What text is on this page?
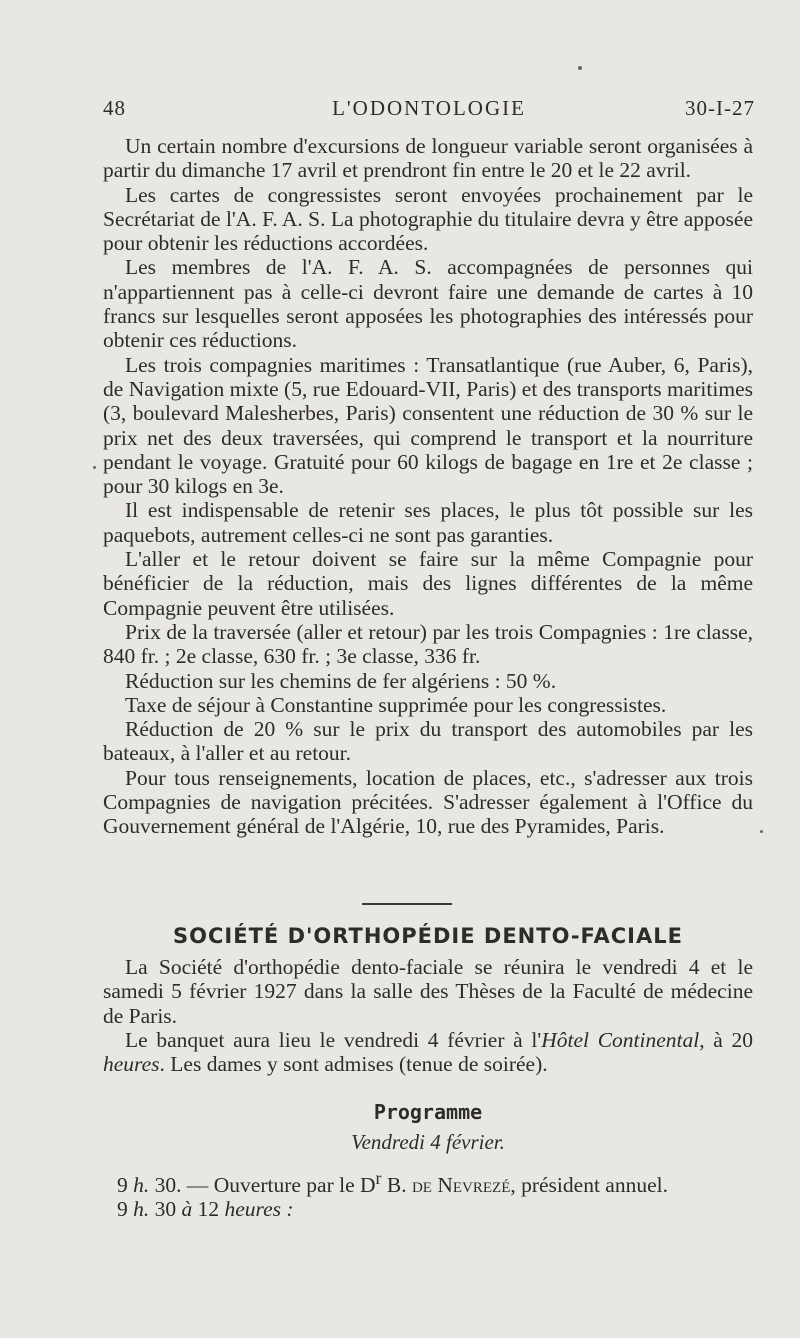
48	L'ODONTOLOGIE	30-I-27

Un certain nombre d'excursions de longueur variable seront organisées à partir du dimanche 17 avril et prendront fin entre le 20 et le 22 avril.

Les cartes de congressistes seront envoyées prochainement par le Secrétariat de l'A. F. A. S. La photographie du titulaire devra y être apposée pour obtenir les réductions accordées.

Les membres de l'A. F. A. S. accompagnées de personnes qui n'appartiennent pas à celle-ci devront faire une demande de cartes à 10 francs sur lesquelles seront apposées les photographies des intéressés pour obtenir ces réductions.

Les trois compagnies maritimes : Transatlantique (rue Auber, 6, Paris), de Navigation mixte (5, rue Edouard-VII, Paris) et des transports maritimes (3, boulevard Malesherbes, Paris) consentent une réduction de 30 % sur le prix net des deux traversées, qui comprend le transport et la nourriture pendant le voyage. Gratuité pour 60 kilogs de bagage en 1re et 2e classe ; pour 30 kilogs en 3e.

Il est indispensable de retenir ses places, le plus tôt possible sur les paquebots, autrement celles-ci ne sont pas garanties.

L'aller et le retour doivent se faire sur la même Compagnie pour bénéficier de la réduction, mais des lignes différentes de la même Compagnie peuvent être utilisées.

Prix de la traversée (aller et retour) par les trois Compagnies : 1re classe, 840 fr. ; 2e classe, 630 fr. ; 3e classe, 336 fr.

Réduction sur les chemins de fer algériens : 50 %.

Taxe de séjour à Constantine supprimée pour les congressistes.

Réduction de 20 % sur le prix du transport des automobiles par les bateaux, à l'aller et au retour.

Pour tous renseignements, location de places, etc., s'adresser aux trois Compagnies de navigation précitées. S'adresser également à l'Office du Gouvernement général de l'Algérie, 10, rue des Pyramides, Paris.

SOCIÉTÉ D'ORTHOPÉDIE DENTO-FACIALE

La Société d'orthopédie dento-faciale se réunira le vendredi 4 et le samedi 5 février 1927 dans la salle des Thèses de la Faculté de médecine de Paris.

Le banquet aura lieu le vendredi 4 février à l'Hôtel Continental, à 20 heures. Les dames y sont admises (tenue de soirée).

Programme
Vendredi 4 février.

9 h. 30. — Ouverture par le $D^r$ B. de Nevrezé, président annuel.

9 h. 30 à 12 heures :
